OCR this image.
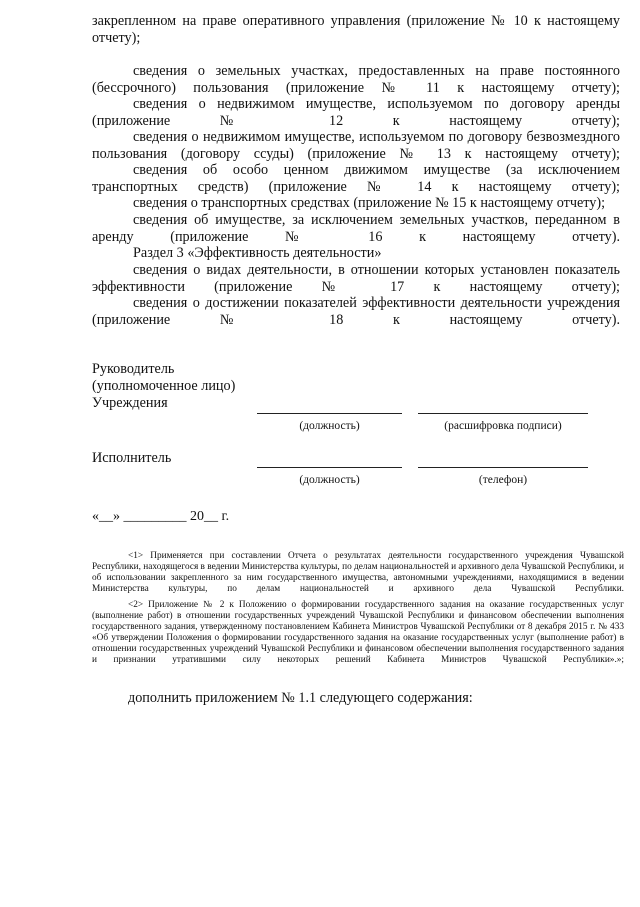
закрепленном на праве оперативного управления (приложение № 10 к настоящему отчету);

сведения о земельных участках, предоставленных на праве постоянного (бессрочного) пользования (приложение № 11 к настоящему отчету);

сведения о недвижимом имуществе, используемом по договору аренды (приложение № 12 к настоящему отчету);

сведения о недвижимом имуществе, используемом по договору безвозмездного пользования (договору ссуды) (приложение № 13 к настоящему отчету);

сведения об особо ценном движимом имуществе (за исключением транспортных средств) (приложение № 14 к настоящему отчету);

сведения о транспортных средствах (приложение № 15 к настоящему отчету);

сведения об имуществе, за исключением земельных участков, переданном в аренду (приложение № 16 к настоящему отчету).

Раздел 3 «Эффективность деятельности»

сведения о видах деятельности, в отношении которых установлен показатель эффективности (приложение № 17 к настоящему отчету);

сведения о достижении показателей эффективности деятельности учреждения (приложение № 18 к настоящему отчету).

Руководитель

(уполномоченное лицо)

Учреждения

(должность)	(расшифровка подписи)

Исполнитель

(должность)	(телефон)

«__» _________ 20__ г.

<1> Применяется при составлении Отчета о результатах деятельности государственного учреждения Чувашской Республики, находящегося в ведении Министерства культуры, по делам национальностей и архивного дела Чувашской Республики, и об использовании закрепленного за ним государственного имущества, автономными учреждениями, находящимися в ведении Министерства культуры, по делам национальностей и архивного дела Чувашской Республики.

<2> Приложение № 2 к Положению о формировании государственного задания на оказание государственных услуг (выполнение работ) в отношении государственных учреждений Чувашской Республики и финансовом обеспечении выполнения государственного задания, утвержденному постановлением Кабинета Министров Чувашской Республики от 8 декабря 2015 г. № 433 «Об утверждении Положения о формировании государственного задания на оказание государственных услуг (выполнение работ) в отношении государственных учреждений Чувашской Республики и финансовом обеспечении выполнения государственного задания и признании утратившими силу некоторых решений Кабинета Министров Чувашской Республики».»;

дополнить приложением № 1.1 следующего содержания:
